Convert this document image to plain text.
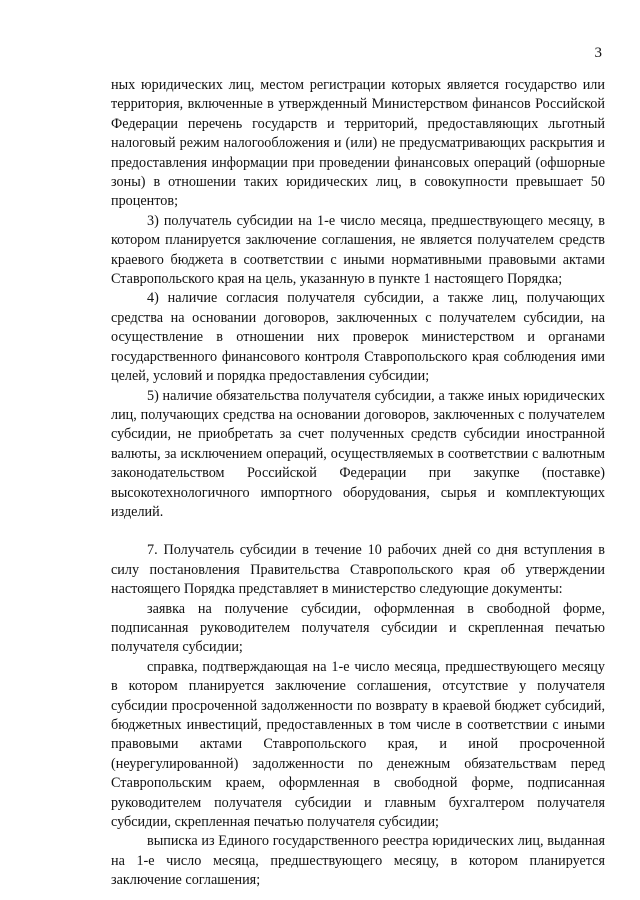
3

ных юридических лиц, местом регистрации которых является государство или территория, включенные в утвержденный Министерством финансов Российской Федерации перечень государств и территорий, предоставляющих льготный налоговый режим налогообложения и (или) не предусматривающих раскрытия и предоставления информации при проведении финансовых операций (офшорные зоны) в отношении таких юридических лиц, в совокупности превышает 50 процентов;

3) получатель субсидии на 1-е число месяца, предшествующего месяцу, в котором планируется заключение соглашения, не является получателем средств краевого бюджета в соответствии с иными нормативными правовыми актами Ставропольского края на цель, указанную в пункте 1 настоящего Порядка;

4) наличие согласия получателя субсидии, а также лиц, получающих средства на основании договоров, заключенных с получателем субсидии, на осуществление в отношении них проверок министерством и органами государственного финансового контроля Ставропольского края соблюдения ими целей, условий и порядка предоставления субсидии;

5) наличие обязательства получателя субсидии, а также иных юридических лиц, получающих средства на основании договоров, заключенных с получателем субсидии, не приобретать за счет полученных средств субсидии иностранной валюты, за исключением операций, осуществляемых в соответствии с валютным законодательством Российской Федерации при закупке (поставке) высокотехнологичного импортного оборудования, сырья и комплектующих изделий.

7. Получатель субсидии в течение 10 рабочих дней со дня вступления в силу постановления Правительства Ставропольского края об утверждении настоящего Порядка представляет в министерство следующие документы:

заявка на получение субсидии, оформленная в свободной форме, подписанная руководителем получателя субсидии и скрепленная печатью получателя субсидии;

справка, подтверждающая на 1-е число месяца, предшествующего месяцу в котором планируется заключение соглашения, отсутствие у получателя субсидии просроченной задолженности по возврату в краевой бюджет субсидий, бюджетных инвестиций, предоставленных в том числе в соответствии с иными правовыми актами Ставропольского края, и иной просроченной (неурегулированной) задолженности по денежным обязательствам перед Ставропольским краем, оформленная в свободной форме, подписанная руководителем получателя субсидии и главным бухгалтером получателя субсидии, скрепленная печатью получателя субсидии;

выписка из Единого государственного реестра юридических лиц, выданная на 1-е число месяца, предшествующего месяцу, в котором планируется заключение соглашения;
